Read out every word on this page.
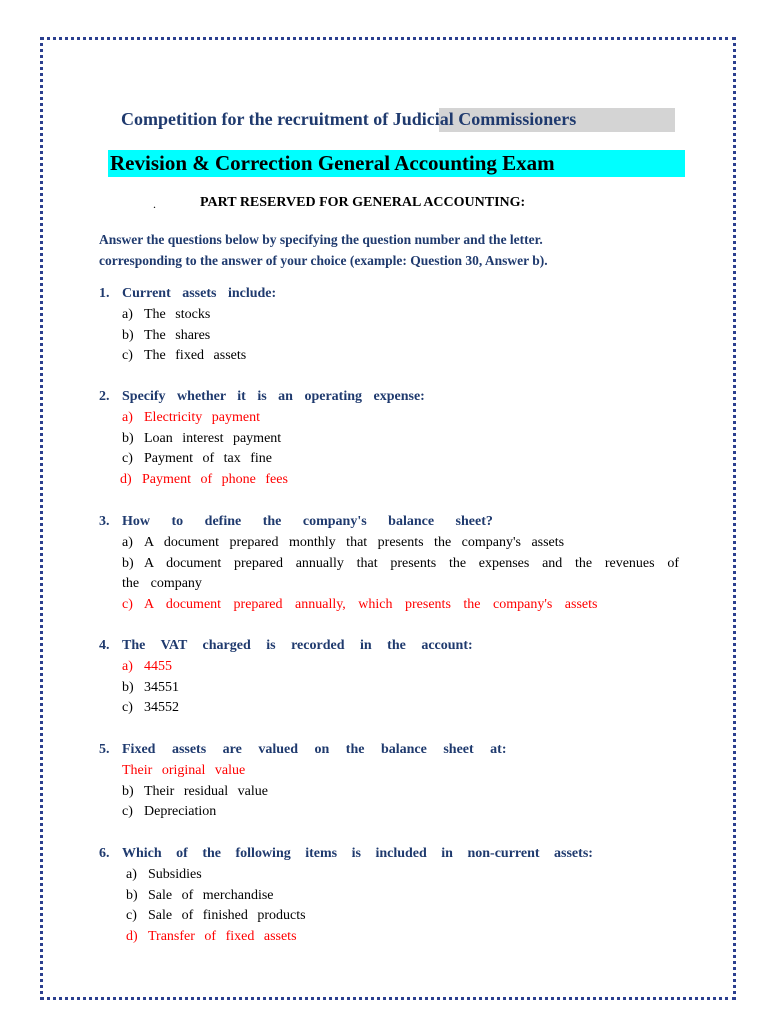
Competition for the recruitment of Judicial Commissioners
Revision & Correction General Accounting Exam
.	PART RESERVED FOR GENERAL ACCOUNTING:
Answer the questions below by specifying the question number and the letter.
corresponding to the answer of your choice (example: Question 30, Answer b).
1. Current assets include:
a) The stocks
b) The shares
c) The fixed assets
2. Specify whether it is an operating expense:
a) Electricity payment
b) Loan interest payment
c) Payment of tax fine
d) Payment of phone fees
3. How to define the company's balance sheet?
a) A document prepared monthly that presents the company's assets
b) A document prepared annually that presents the expenses and the revenues of the company
c) A document prepared annually, which presents the company's assets
4. The VAT charged is recorded in the account:
a) 4455
b) 34551
c) 34552
5. Fixed assets are valued on the balance sheet at:
Their original value
b) Their residual value
c) Depreciation
6. Which of the following items is included in non-current assets:
a) Subsidies
b) Sale of merchandise
c) Sale of finished products
d) Transfer of fixed assets
